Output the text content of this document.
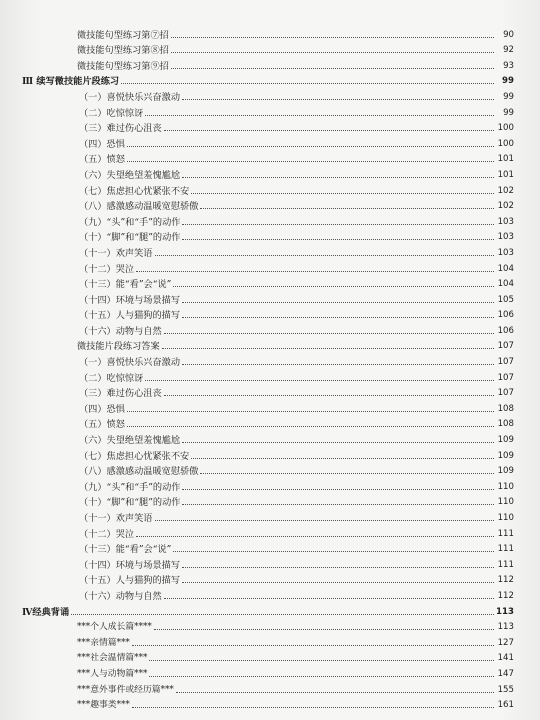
微技能句型练习第⑦招	90
微技能句型练习第⑧招	92
微技能句型练习第⑨招	93
Ⅲ 续写微技能片段练习	99
（一）喜悦快乐兴奋激动	99
（二）吃惊惊讶	99
（三）难过伤心沮丧	100
（四）恐惧	100
（五）愤怒	101
（六）失望绝望羞愧尴尬	101
（七）焦虑担心忧紧张不安	102
（八）感激感动温暖宽慰骄傲	102
（九）“头”和“手”的动作	103
（十）“脚”和“腿”的动作	103
（十一）欢声笑语	103
（十二）哭泣	104
（十三）能“看”会“说”	104
（十四）环境与场景描写	105
（十五）人与猫狗的描写	106
（十六）动物与自然	106
微技能片段练习答案	107
（一）喜悦快乐兴奋激动	107
（二）吃惊惊讶	107
（三）难过伤心沮丧	107
（四）恐惧	108
（五）愤怒	108
（六）失望绝望羞愧尴尬	109
（七）焦虑担心忧紧张不安	109
（八）感激感动温暖宽慰骄傲	109
（九）“头”和“手”的动作	110
（十）“脚”和“腿”的动作	110
（十一）欢声笑语	110
（十二）哭泣	111
（十三）能“看”会“说”	111
（十四）环境与场景描写	111
（十五）人与猫狗的描写	112
（十六）动物与自然	112
Ⅳ经典背诵	113
***个人成长篇****	113
***亲情篇***	127
***社会温情篇***	141
***人与动物篇***	147
***意外事件或经历篇***	155
***趣事类***	161
